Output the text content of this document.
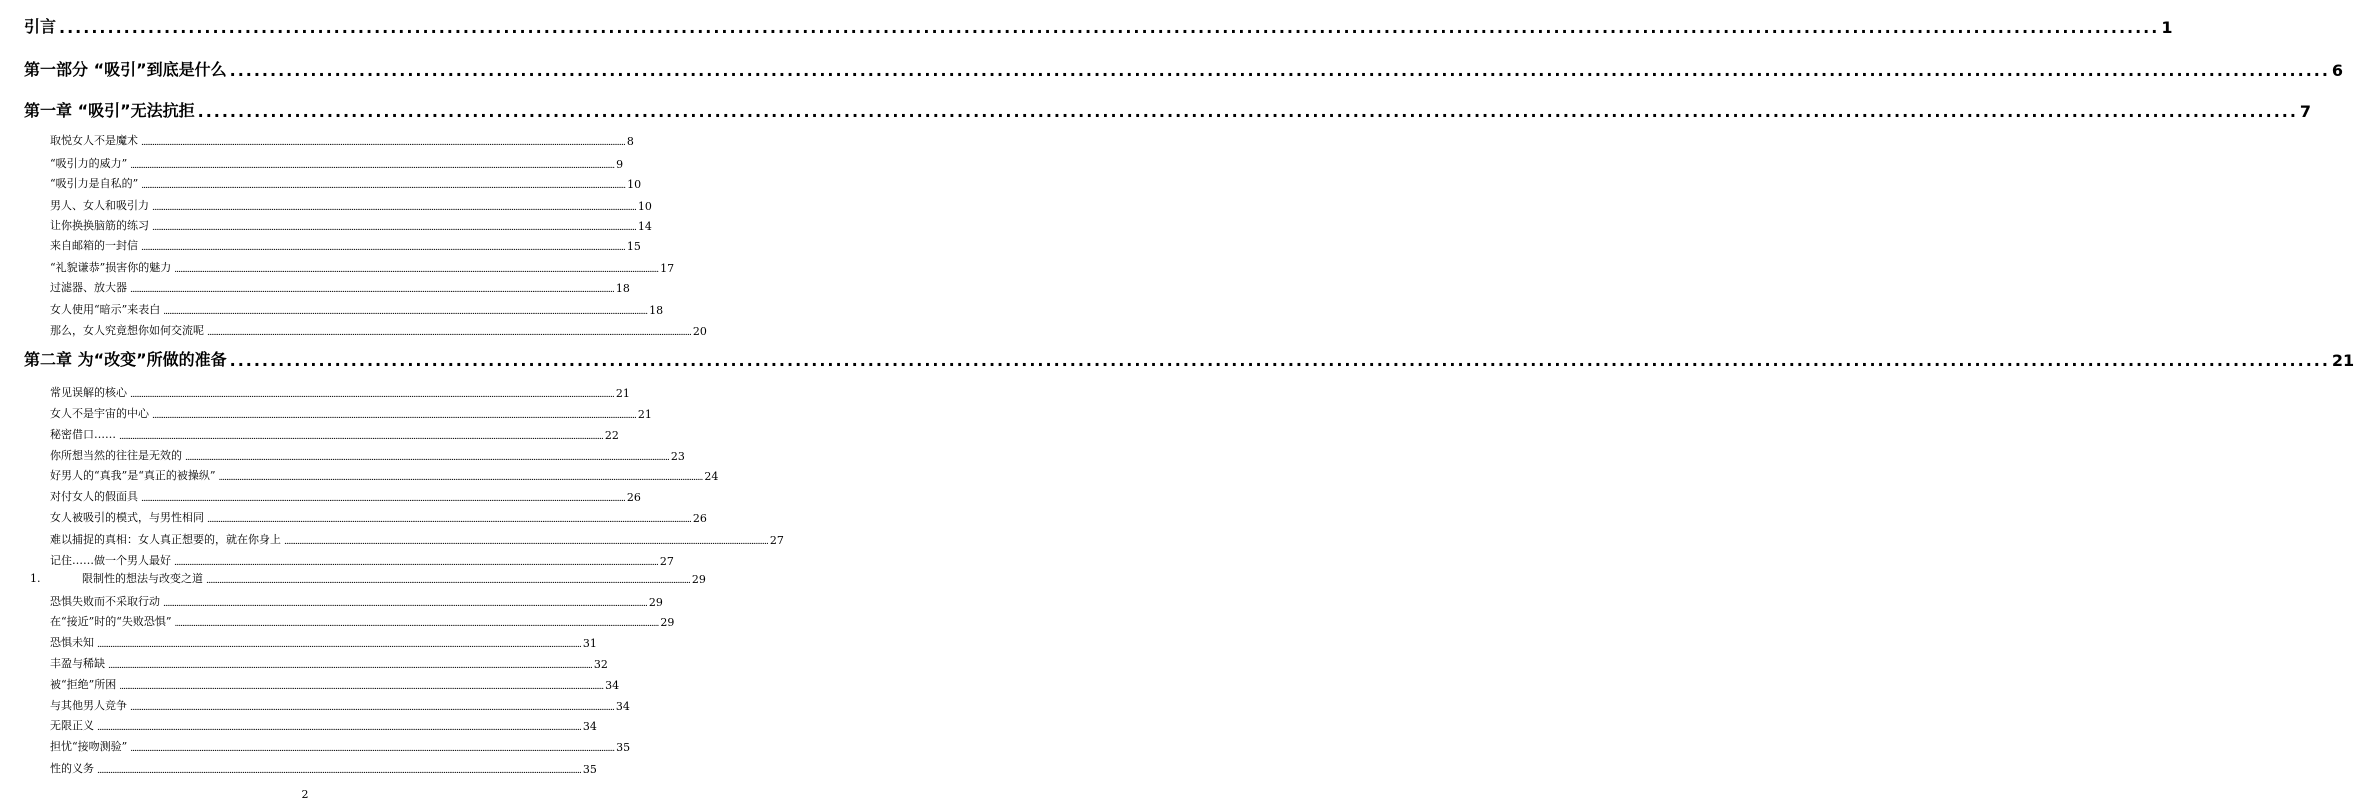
引言 .................................................................................................................................................................................................................................................................... 1
第一部分 “吸引”到底是什么 .................................................................................................................................................................................................................................................................... 6
第一章 “吸引”无法抗拒 .................................................................................................................................................................................................................................................................... 7
取悦女人不是魔术 .................................................................................................................................................................................................................................................................... 8
“吸引力的威力” .................................................................................................................................................................................................................................................................... 9
“吸引力是自私的” .................................................................................................................................................................................................................................................................... 10
男人、女人和吸引力 .................................................................................................................................................................................................................................................................... 10
让你换换脑筋的练习 .................................................................................................................................................................................................................................................................... 14
来自邮箱的一封信 .................................................................................................................................................................................................................................................................... 15
“礼貌谦恭”损害你的魅力 .................................................................................................................................................................................................................................................................... 17
过滤器、放大器 .................................................................................................................................................................................................................................................................... 18
女人使用“暗示”来表白 .................................................................................................................................................................................................................................................................... 18
那么，女人究竟想你如何交流呢 .................................................................................................................................................................................................................................................................... 20
第二章 为“改变”所做的准备 .................................................................................................................................................................................................................................................................... 21
常见误解的核心 .................................................................................................................................................................................................................................................................... 21
女人不是宇宙的中心 .................................................................................................................................................................................................................................................................... 21
秘密借口…… .................................................................................................................................................................................................................................................................... 22
你所想当然的往往是无效的 .................................................................................................................................................................................................................................................................... 23
好男人的“真我”是“真正的被操纵” .................................................................................................................................................................................................................................................................... 24
对付女人的假面具 .................................................................................................................................................................................................................................................................... 26
女人被吸引的模式，与男性相同 .................................................................................................................................................................................................................................................................... 26
难以捕捉的真相：女人真正想要的，就在你身上 .................................................................................................................................................................................................................................................................... 27
记住……做一个男人最好 .................................................................................................................................................................................................................................................................... 27
1.	限制性的想法与改变之道 .................................................................................................................................................................................................................................................................... 29
恐惧失败而不采取行动 .................................................................................................................................................................................................................................................................... 29
在“接近”时的“失败恐惧” .................................................................................................................................................................................................................................................................... 29
恐惧未知 .................................................................................................................................................................................................................................................................... 31
丰盈与稀缺 .................................................................................................................................................................................................................................................................... 32
被“拒绝”所困 .................................................................................................................................................................................................................................................................... 34
与其他男人竞争 .................................................................................................................................................................................................................................................................... 34
无限正义 .................................................................................................................................................................................................................................................................... 34
担忧“接吻测验” .................................................................................................................................................................................................................................................................... 35
性的义务 .................................................................................................................................................................................................................................................................... 35
2
